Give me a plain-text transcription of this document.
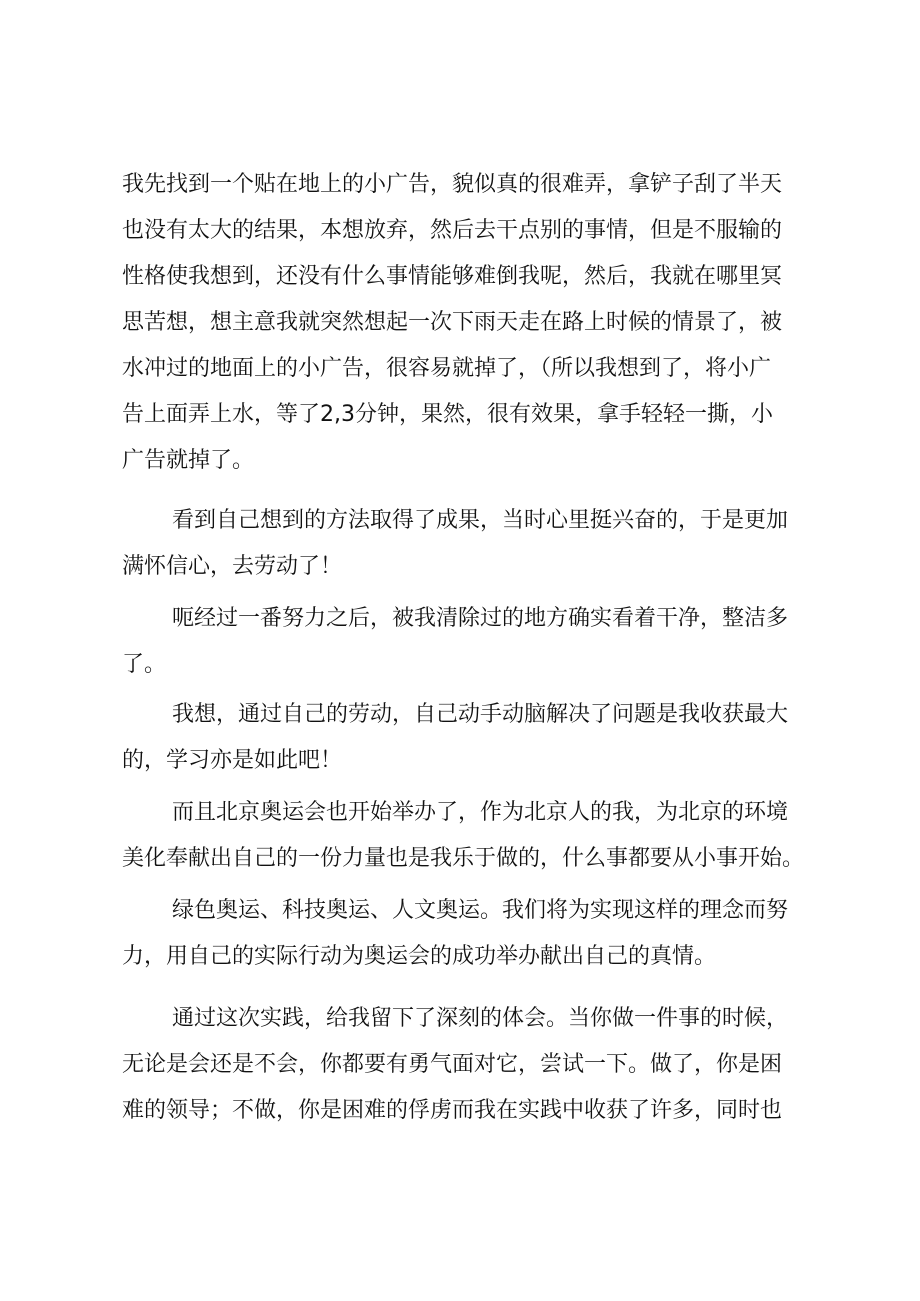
我先找到一个贴在地上的小广告，貌似真的很难弄，拿铲子刮了半天
也没有太大的结果，本想放弃，然后去干点别的事情，但是不服输的
性格使我想到，还没有什么事情能够难倒我呢，然后，我就在哪里冥
思苦想，想主意我就突然想起一次下雨天走在路上时候的情景了，被
水冲过的地面上的小广告，很容易就掉了，（所以我想到了，将小广
告上面弄上水，等了2,3分钟，果然，很有效果，拿手轻轻一撕，小
广告就掉了。
看到自己想到的方法取得了成果，当时心里挺兴奋的，于是更加
满怀信心，去劳动了！
呃经过一番努力之后，被我清除过的地方确实看着干净，整洁多
了。
我想，通过自己的劳动，自己动手动脑解决了问题是我收获最大
的，学习亦是如此吧！
而且北京奥运会也开始举办了，作为北京人的我，为北京的环境
美化奉献出自己的一份力量也是我乐于做的，什么事都要从小事开始。
绿色奥运、科技奥运、人文奥运。我们将为实现这样的理念而努
力，用自己的实际行动为奥运会的成功举办献出自己的真情。
通过这次实践，给我留下了深刻的体会。当你做一件事的时候，
无论是会还是不会，你都要有勇气面对它，尝试一下。做了，你是困
难的领导；不做，你是困难的俘虏而我在实践中收获了许多，同时也
